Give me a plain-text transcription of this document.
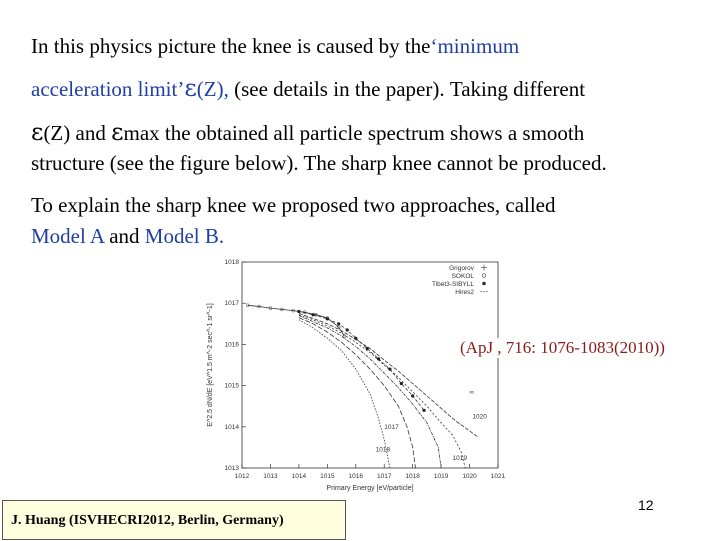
In this physics picture the knee is caused by the‘minimum
acceleration limit’ε(Z), (see details in the paper). Taking different
ε(Z) and εmax the obtained all particle spectrum shows a smooth
structure (see the figure below). The sharp knee cannot be produced.
To explain the sharp knee we proposed two approaches, called
Model A and Model B.
1012 1013 1014 1015 1016 1017 1018 1019 1020 1021
1013
1014
1015
1016
1017
1018
Primary Energy [eV/particle]
E^2.5 dN/dE [eV^1.5 m^-2 sec^-1 sr^-1]
Grigorov
SOKOL
Tibet3-SIBYLL
Hires2
1017
1018
1019
1020
∞
(ApJ , 716: 1076-1083(2010))
J. Huang (ISVHECRI2012, Berlin, Germany)
12
